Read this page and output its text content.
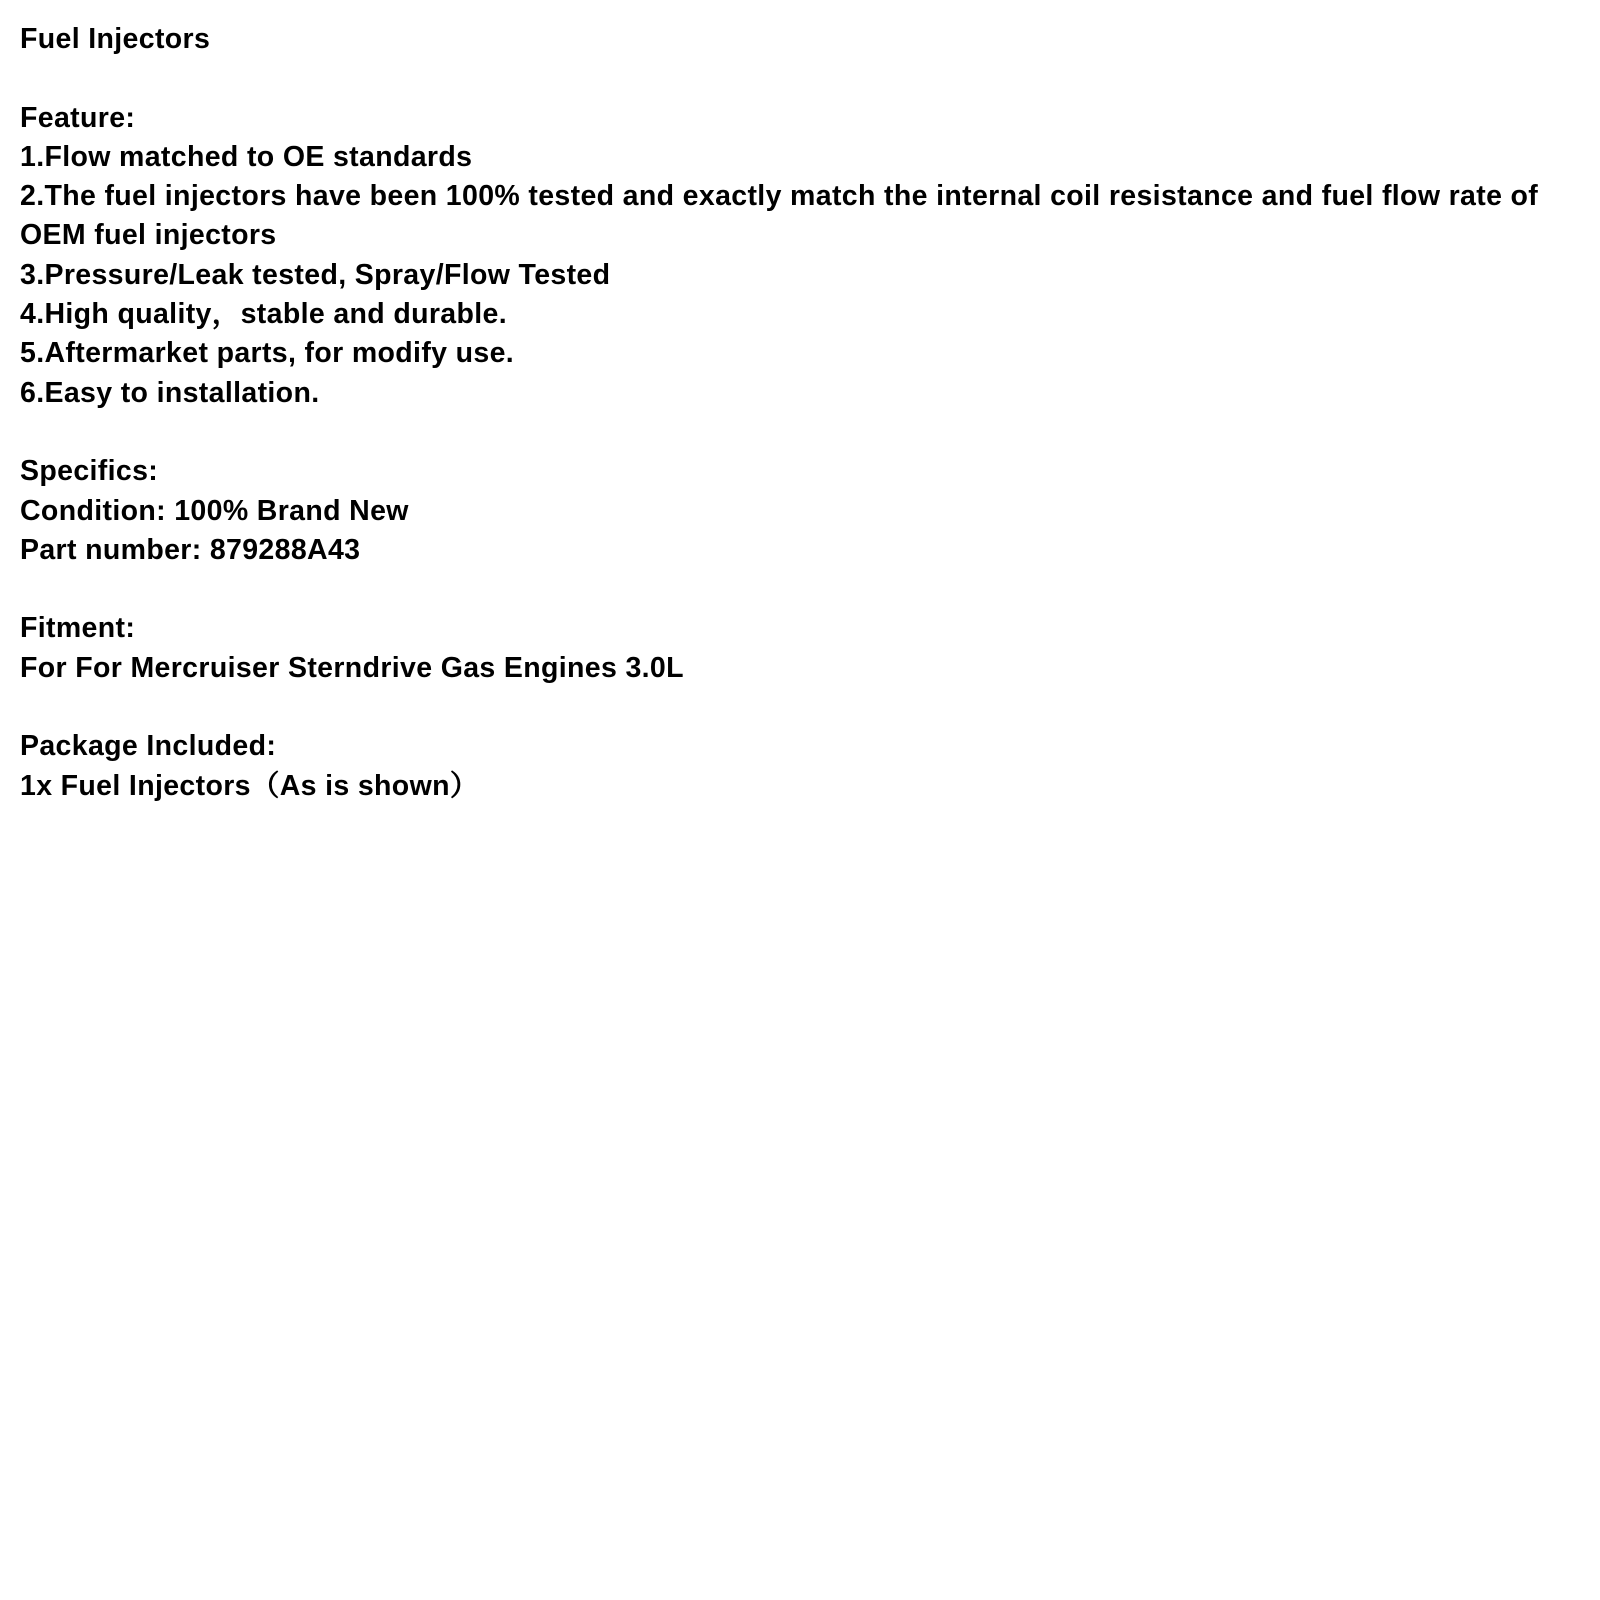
Fuel Injectors

Feature:

1.Flow matched to OE standards

2.The fuel injectors have been 100% tested and exactly match the internal coil resistance and fuel flow rate of OEM fuel injectors

3.Pressure/Leak tested, Spray/Flow Tested

4.High quality，stable and durable.

5.Aftermarket parts, for modify use.

6.Easy to installation.

Specifics:

Condition: 100% Brand New

Part number: 879288A43

Fitment:

For For Mercruiser Sterndrive Gas Engines 3.0L

Package Included:

1x Fuel Injectors（As is shown）
